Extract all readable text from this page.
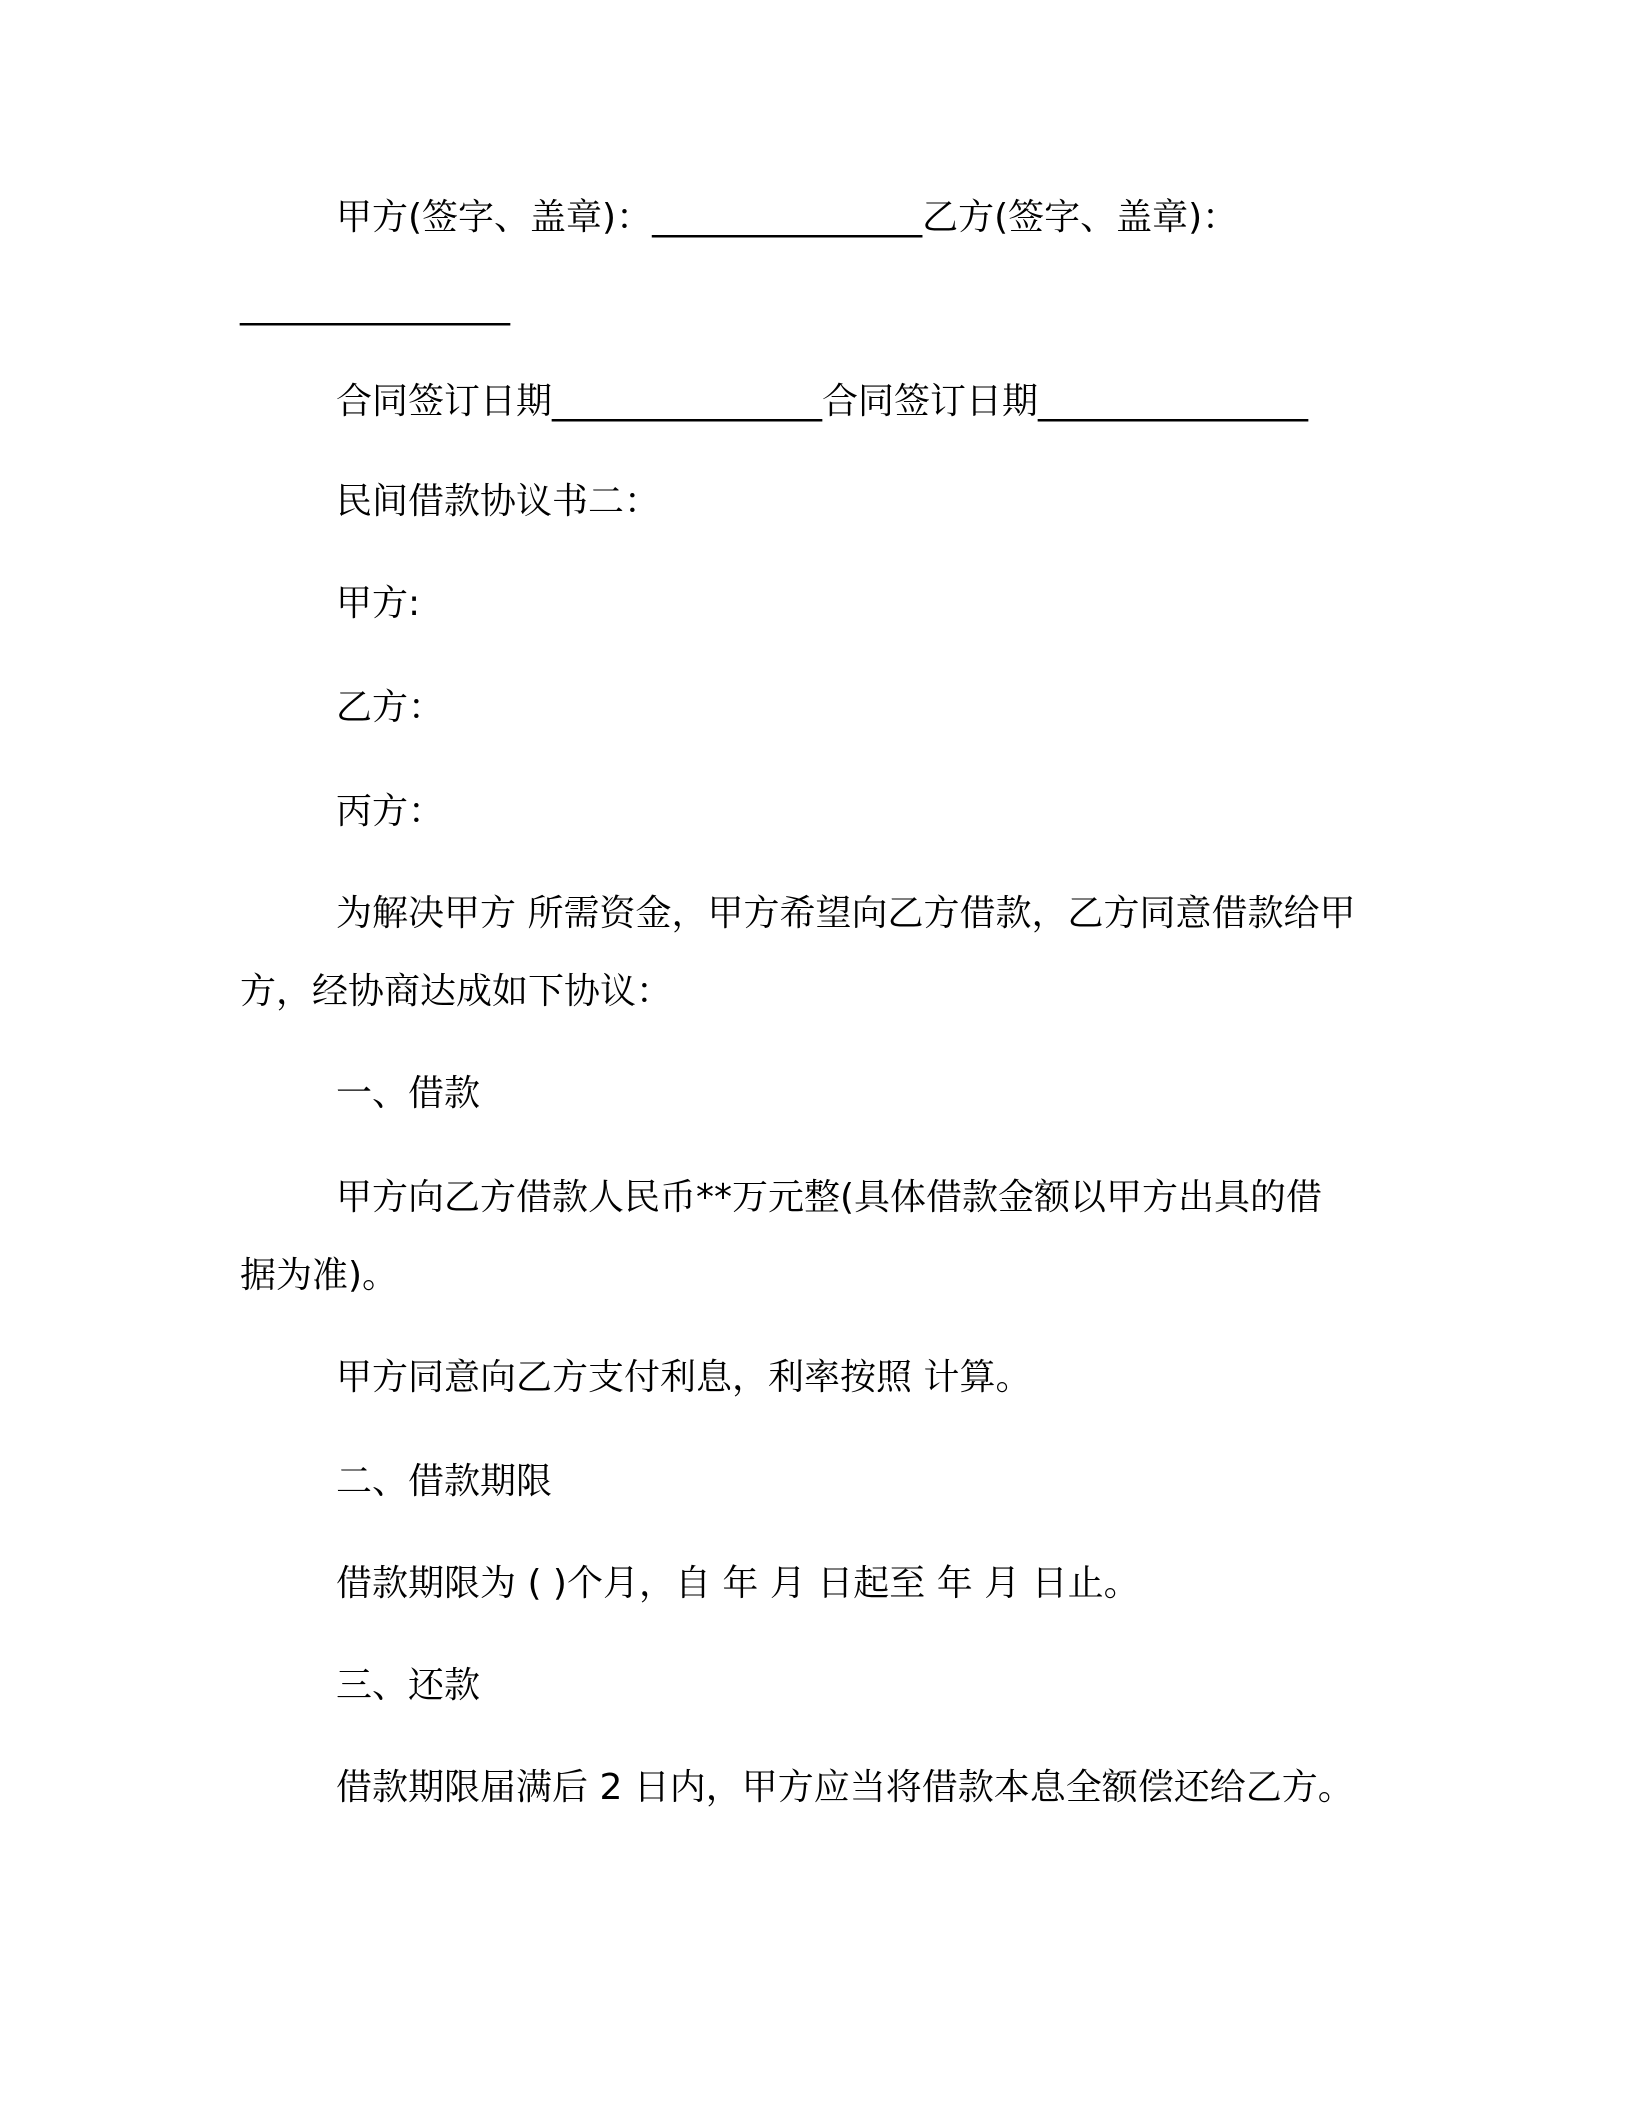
甲方(签字、盖章)：_______________乙方(签字、盖章)：
_______________
合同签订日期_______________合同签订日期_______________
民间借款协议书二：
甲方:
乙方：
丙方：
为解决甲方 所需资金，甲方希望向乙方借款，乙方同意借款给甲
方，经协商达成如下协议：
一、借款
甲方向乙方借款人民币**万元整(具体借款金额以甲方出具的借
据为准)。
甲方同意向乙方支付利息，利率按照 计算。
二、借款期限
借款期限为 ( )个月，自 年 月 日起至 年 月 日止。
三、还款
借款期限届满后 2 日内，甲方应当将借款本息全额偿还给乙方。
